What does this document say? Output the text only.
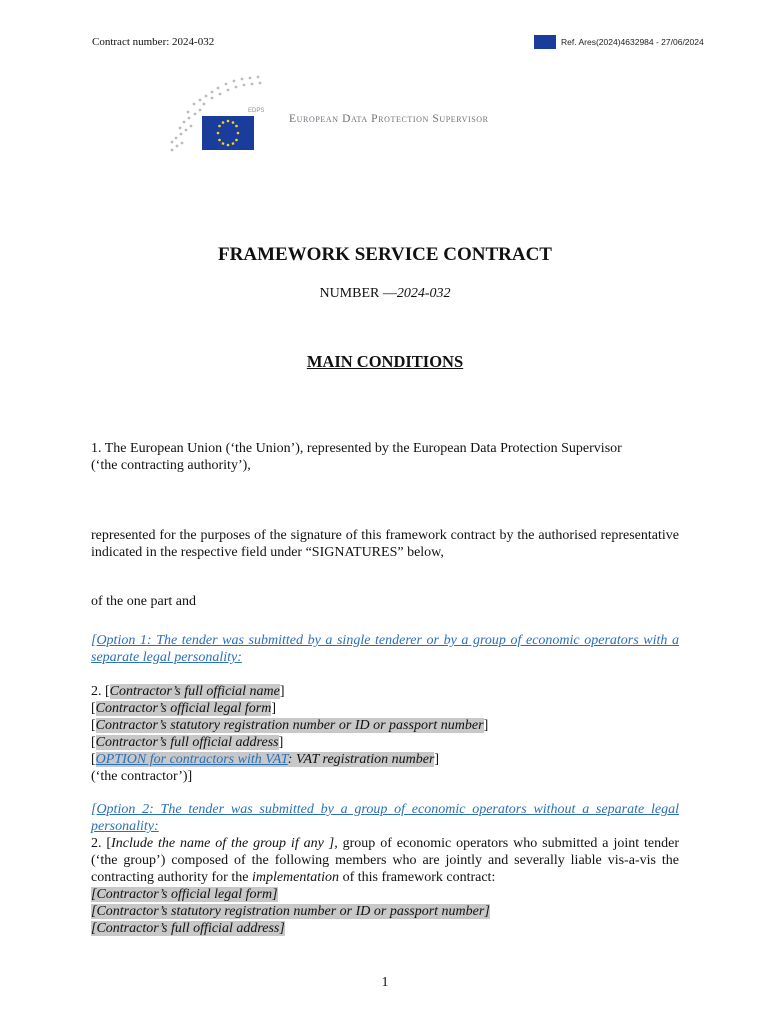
Contract number: 2024-032	Ref. Ares(2024)4632984 - 27/06/2024
EDPS
European Data Protection Supervisor
FRAMEWORK SERVICE CONTRACT
NUMBER —2024-032
MAIN CONDITIONS
1. The European Union (‘the Union’), represented by the European Data Protection Supervisor
(‘the contracting authority’),
represented for the purposes of the signature of this framework contract by the authorised representative indicated in the respective field under “SIGNATURES” below,
of the one part and
[Option 1: The tender was submitted by a single tenderer or by a group of economic operators with a separate legal personality:
2. [Contractor’s full official name]
[Contractor’s official legal form]
[Contractor’s statutory registration number or ID or passport number]
[Contractor’s full official address]
[OPTION for contractors with VAT: VAT registration number]
(‘the contractor’)]
[Option 2: The tender was submitted by a group of economic operators without a separate legal personality:
2. [Include the name of the group if any ], group of economic operators who submitted a joint tender (‘the group’) composed of the following members who are jointly and severally liable vis-a-vis the contracting authority for the implementation of this framework contract:
[Contractor’s official legal form]
[Contractor’s statutory registration number or ID or passport number]
[Contractor’s full official address]
1
